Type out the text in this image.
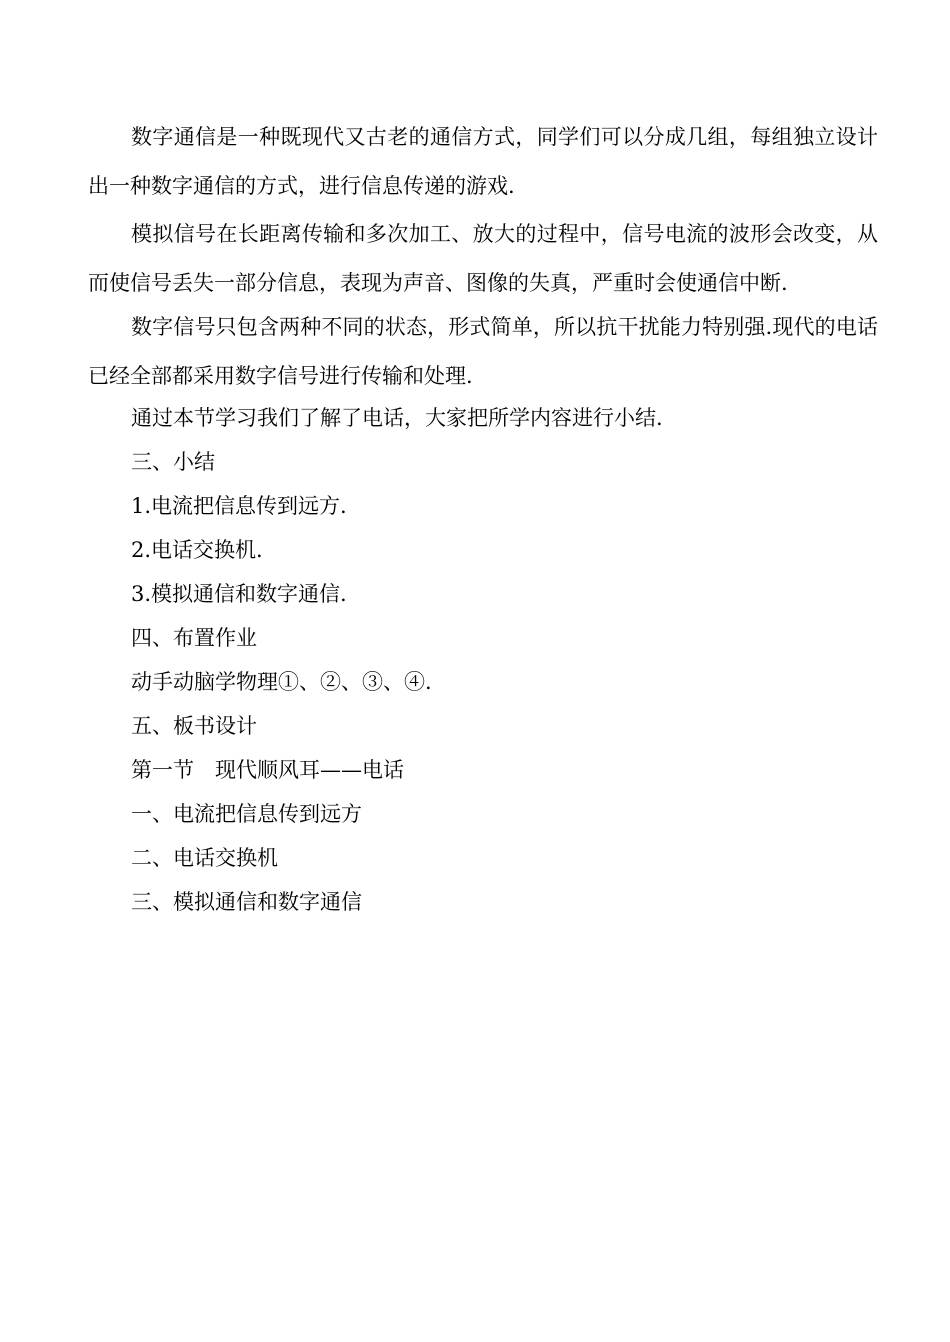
数字通信是一种既现代又古老的通信方式，同学们可以分成几组，每组独立设计出一种数字通信的方式，进行信息传递的游戏.

模拟信号在长距离传输和多次加工、放大的过程中，信号电流的波形会改变，从而使信号丢失一部分信息，表现为声音、图像的失真，严重时会使通信中断.

数字信号只包含两种不同的状态，形式简单，所以抗干扰能力特别强.现代的电话已经全部都采用数字信号进行传输和处理.

通过本节学习我们了解了电话，大家把所学内容进行小结.

三、小结

1.电流把信息传到远方.

2.电话交换机.

3.模拟通信和数字通信.

四、布置作业

动手动脑学物理①、②、③、④.

五、板书设计

第一节　现代顺风耳——电话

一、电流把信息传到远方

二、电话交换机

三、模拟通信和数字通信
